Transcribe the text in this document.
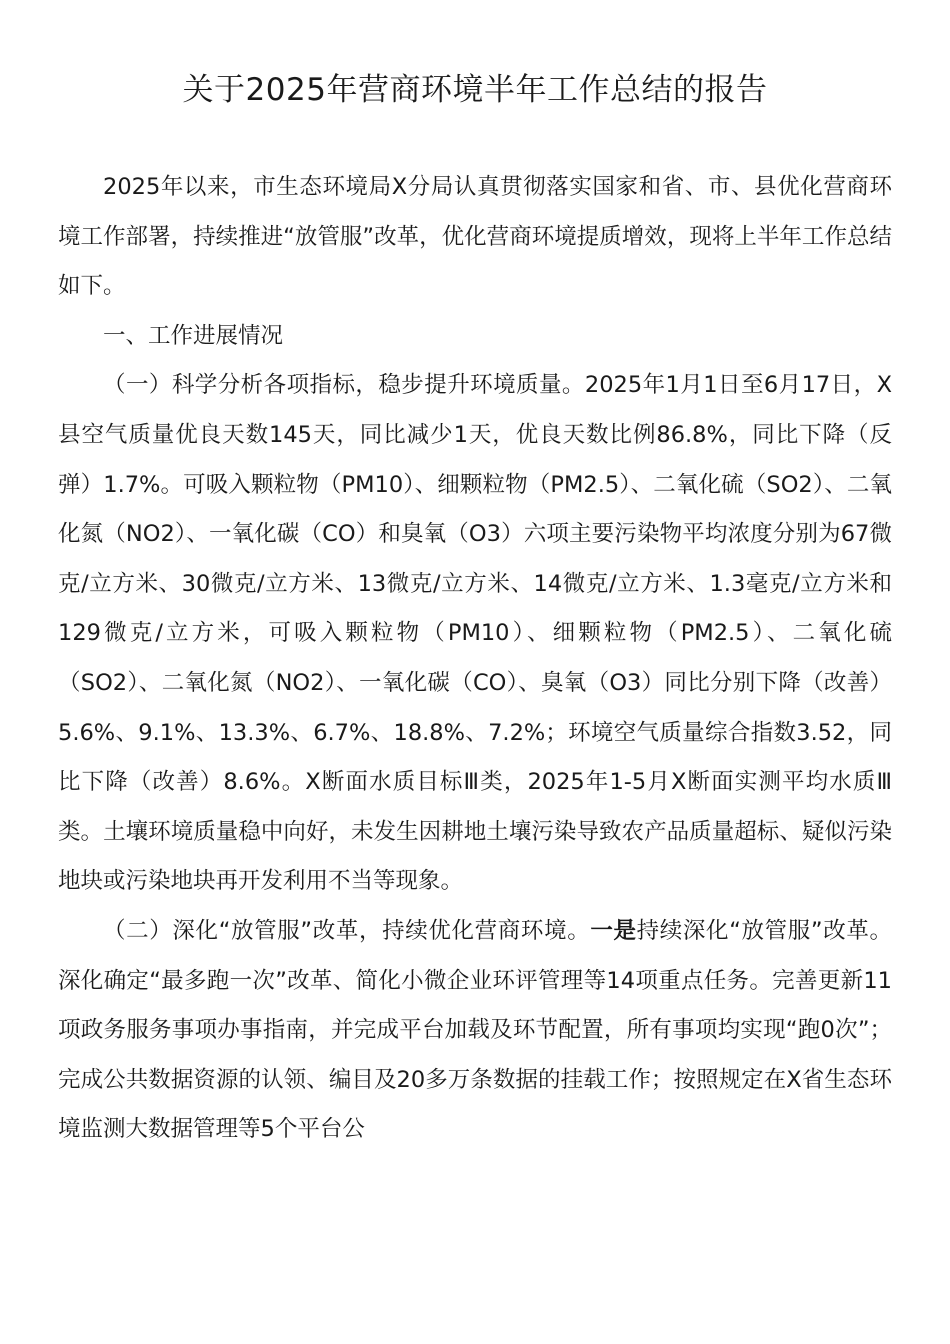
关于2025年营商环境半年工作总结的报告

2025年以来，市生态环境局X分局认真贯彻落实国家和省、市、县优化营商环境工作部署，持续推进“放管服”改革，优化营商环境提质增效，现将上半年工作总结如下。

一、工作进展情况

（一）科学分析各项指标，稳步提升环境质量。2025年1月1日至6月17日，X县空气质量优良天数145天，同比减少1天，优良天数比例86.8%，同比下降（反弹）1.7%。可吸入颗粒物（PM10）、细颗粒物（PM2.5）、二氧化硫（SO2）、二氧化氮（NO2）、一氧化碳（CO）和臭氧（O3）六项主要污染物平均浓度分别为67微克/立方米、30微克/立方米、13微克/立方米、14微克/立方米、1.3毫克/立方米和129微克/立方米，可吸入颗粒物（PM10）、细颗粒物（PM2.5）、二氧化硫（SO2）、二氧化氮（NO2）、一氧化碳（CO）、臭氧（O3）同比分别下降（改善）5.6%、9.1%、13.3%、6.7%、18.8%、7.2%；环境空气质量综合指数3.52，同比下降（改善）8.6%。X断面水质目标Ⅲ类，2025年1-5月X断面实测平均水质Ⅲ类。土壤环境质量稳中向好，未发生因耕地土壤污染导致农产品质量超标、疑似污染地块或污染地块再开发利用不当等现象。

（二）深化“放管服”改革，持续优化营商环境。一是持续深化“放管服”改革。深化确定“最多跑一次”改革、简化小微企业环评管理等14项重点任务。完善更新11项政务服务事项办事指南，并完成平台加载及环节配置，所有事项均实现“跑0次”；完成公共数据资源的认领、编目及20多万条数据的挂载工作；按照规定在X省生态环境监测大数据管理等5个平台公
